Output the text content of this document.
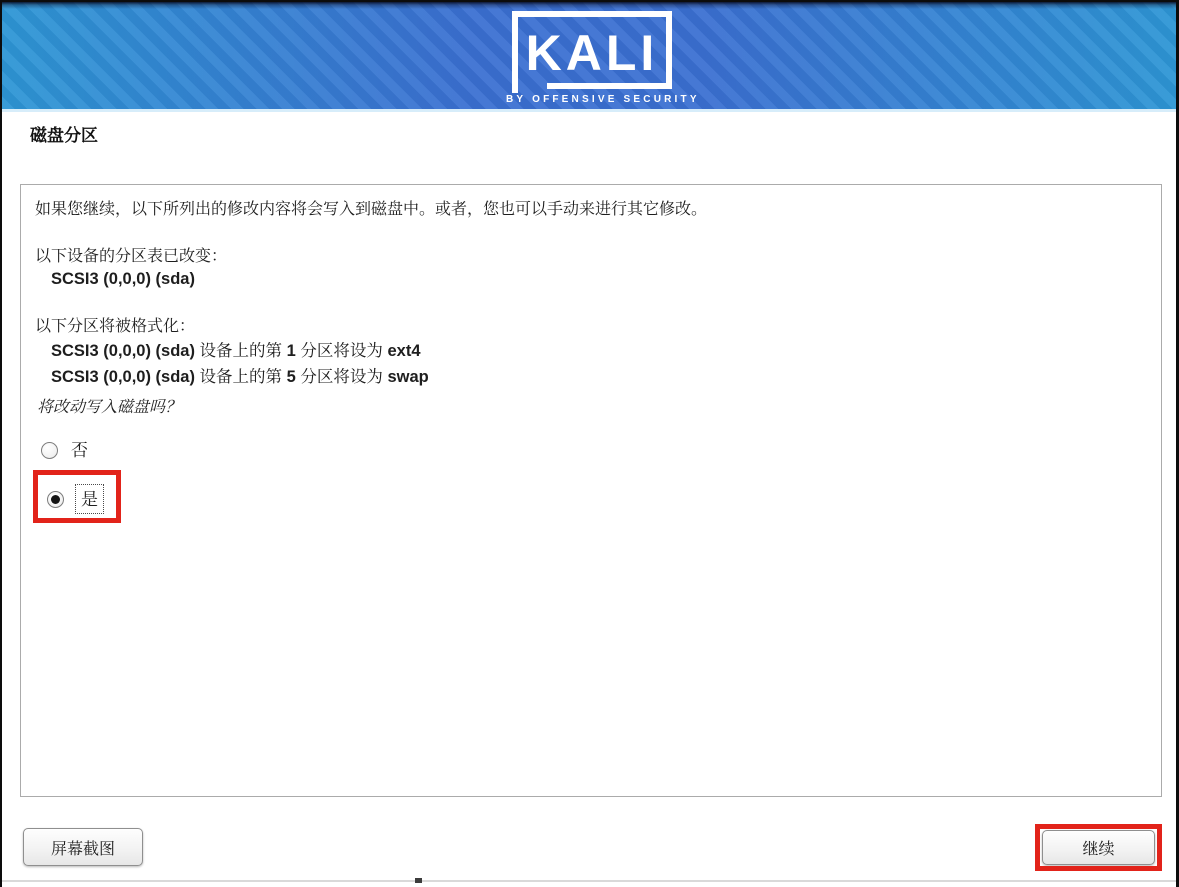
KALI
BY OFFENSIVE SECURITY
磁盘分区
如果您继续，以下所列出的修改内容将会写入到磁盘中。或者，您也可以手动来进行其它修改。
以下设备的分区表已改变：
SCSI3 (0,0,0) (sda)
以下分区将被格式化：
SCSI3 (0,0,0) (sda) 设备上的第 1 分区将设为 ext4
SCSI3 (0,0,0) (sda) 设备上的第 5 分区将设为 swap
将改动写入磁盘吗？
否
是
屏幕截图	继续
